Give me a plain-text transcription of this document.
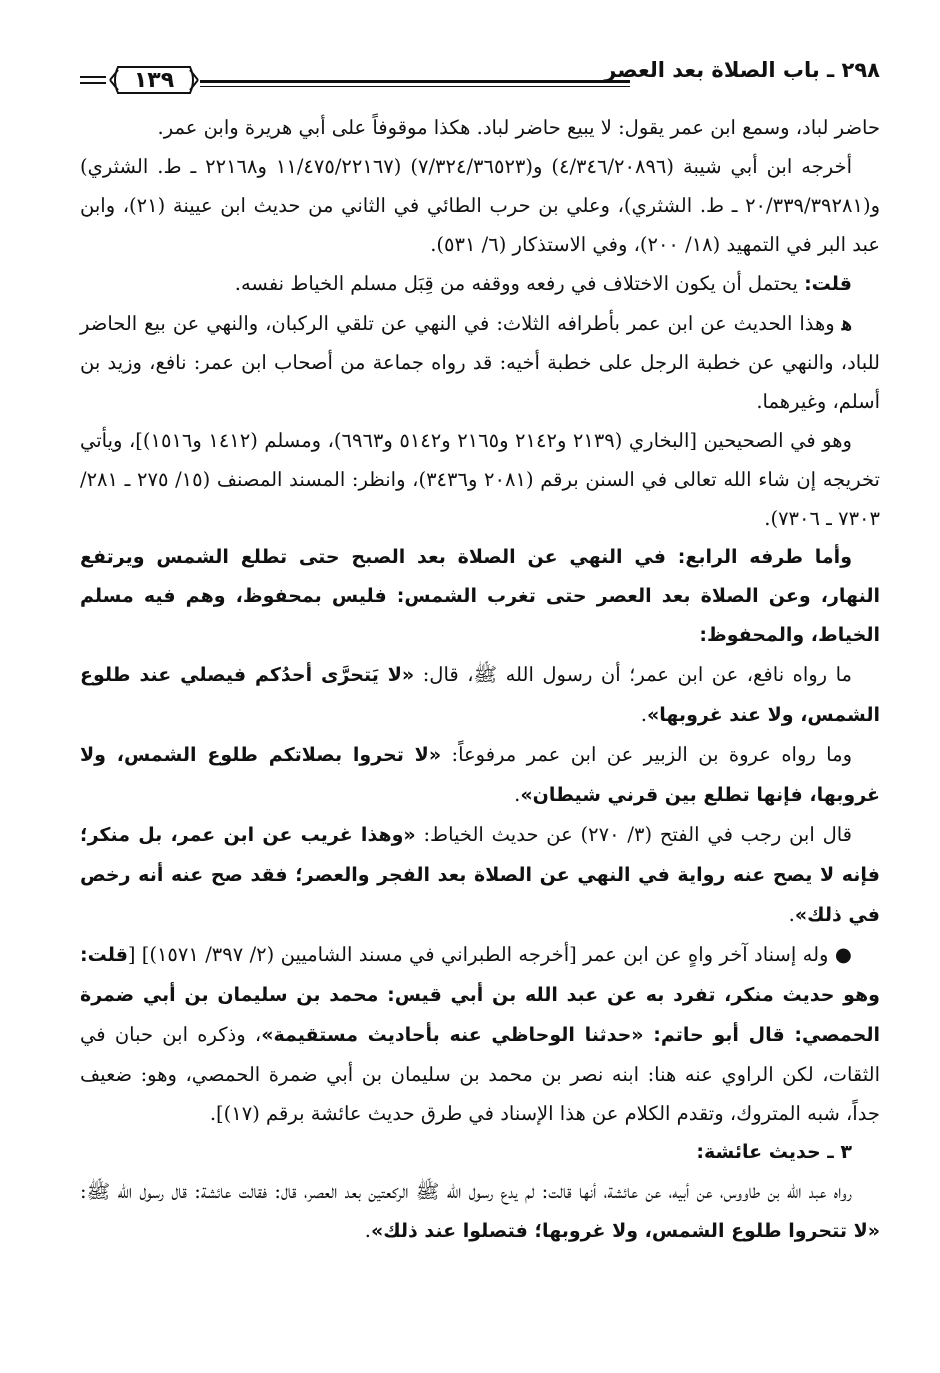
٢٩٨ ـ باب الصلاة بعد العصر
١٣٩

حاضر لباد، وسمع ابن عمر يقول: لا يبيع حاضر لباد. هكذا موقوفاً على أبي هريرة وابن عمر.

أخرجه ابن أبي شيبة (٤/٣٤٦/٢٠٨٩٦) و(٧/٣٢٤/٣٦٥٢٣) (١١/٤٧٥/٢٢١٦٧ و٢٢١٦٨ ـ ط. الشثري) و(٢٠/٣٣٩/٣٩٢٨١ ـ ط. الشثري)، وعلي بن حرب الطائي في الثاني من حديث ابن عيينة (٢١)، وابن عبد البر في التمهيد (١٨/ ٢٠٠)، وفي الاستذكار (٦/ ٥٣١).

قلت: يحتمل أن يكون الاختلاف في رفعه ووقفه من قِبَل مسلم الخياط نفسه.

ﻫ وهذا الحديث عن ابن عمر بأطرافه الثلاث: في النهي عن تلقي الركبان، والنهي عن بيع الحاضر للباد، والنهي عن خطبة الرجل على خطبة أخيه: قد رواه جماعة من أصحاب ابن عمر: نافع، وزيد بن أسلم، وغيرهما.

وهو في الصحيحين [البخاري (٢١٣٩ و٢١٤٢ و٢١٦٥ و٥١٤٢ و٦٩٦٣)، ومسلم (١٤١٢ و١٥١٦)]، ويأتي تخريجه إن شاء الله تعالى في السنن برقم (٢٠٨١ و٣٤٣٦)، وانظر: المسند المصنف (١٥/ ٢٧٥ ـ ٢٨١/ ٧٣٠٣ ـ ٧٣٠٦).

وأما طرفه الرابع: في النهي عن الصلاة بعد الصبح حتى تطلع الشمس ويرتفع النهار، وعن الصلاة بعد العصر حتى تغرب الشمس: فليس بمحفوظ، وهم فيه مسلم الخياط، والمحفوظ:

ما رواه نافع، عن ابن عمر؛ أن رسول الله ﷺ، قال: «لا يَتحرَّى أحدُكم فيصلي عند طلوع الشمس، ولا عند غروبها».

وما رواه عروة بن الزبير عن ابن عمر مرفوعاً: «لا تحروا بصلاتكم طلوع الشمس، ولا غروبها، فإنها تطلع بين قرني شيطان».

قال ابن رجب في الفتح (٣/ ٢٧٠) عن حديث الخياط: «وهذا غريب عن ابن عمر، بل منكر؛ فإنه لا يصح عنه رواية في النهي عن الصلاة بعد الفجر والعصر؛ فقد صح عنه أنه رخص في ذلك».

● وله إسناد آخر واهٍ عن ابن عمر [أخرجه الطبراني في مسند الشاميين (٢/ ٣٩٧/ ١٥٧١)] [قلت: وهو حديث منكر، تفرد به عن عبد الله بن أبي قيس: محمد بن سليمان بن أبي ضمرة الحمصي: قال أبو حاتم: «حدثنا الوحاظي عنه بأحاديث مستقيمة»، وذكره ابن حبان في الثقات، لكن الراوي عنه هنا: ابنه نصر بن محمد بن سليمان بن أبي ضمرة الحمصي، وهو: ضعيف جداً، شبه المتروك، وتقدم الكلام عن هذا الإسناد في طرق حديث عائشة برقم (١٧)].

٣ ـ حديث عائشة:

رواه عبد الله بن طاووس، عن أبيه، عن عائشة، أنها قالت: لم يدع رسول الله ﷺ الركعتين بعد العصر، قال: فقالت عائشة: قال رسول الله ﷺ: «لا تتحروا طلوع الشمس، ولا غروبها؛ فتصلوا عند ذلك».
